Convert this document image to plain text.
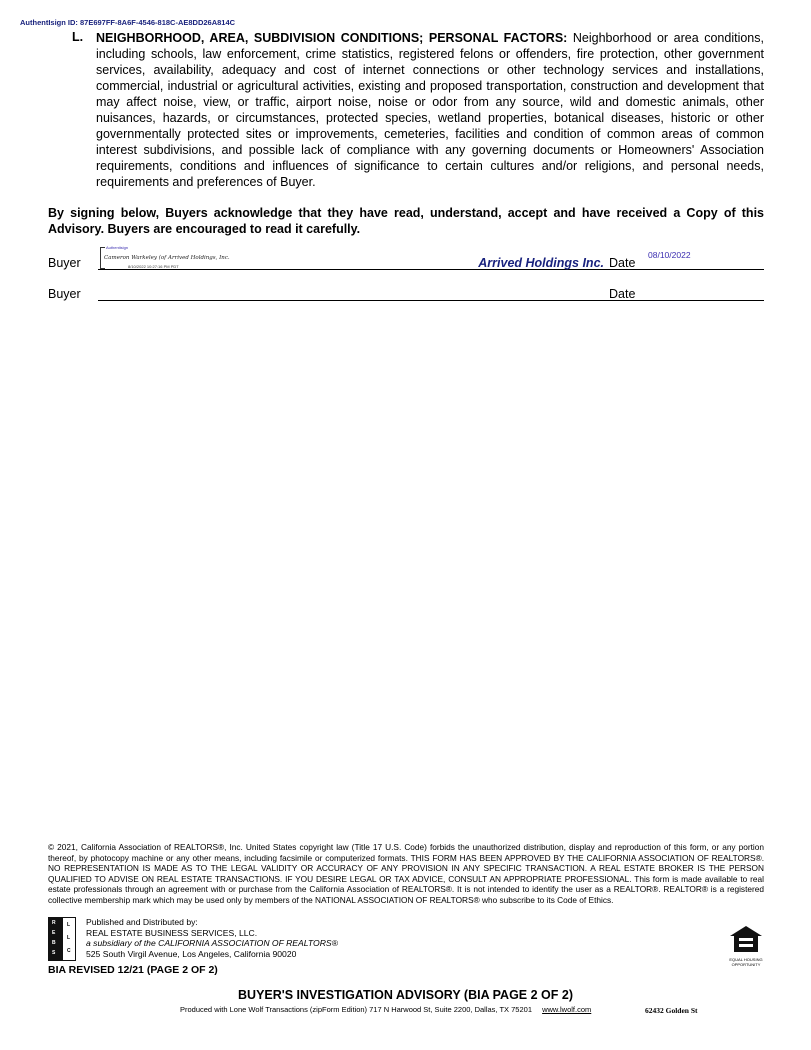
AuthentIsign ID: 87E697FF-8A6F-4546-818C-AE8DD26A814C
L. NEIGHBORHOOD, AREA, SUBDIVISION CONDITIONS; PERSONAL FACTORS: Neighborhood or area conditions, including schools, law enforcement, crime statistics, registered felons or offenders, fire protection, other government services, availability, adequacy and cost of internet connections or other technology services and installations, commercial, industrial or agricultural activities, existing and proposed transportation, construction and development that may affect noise, view, or traffic, airport noise, noise or odor from any source, wild and domestic animals, other nuisances, hazards, or circumstances, protected species, wetland properties, botanical diseases, historic or other governmentally protected sites or improvements, cemeteries, facilities and condition of common areas of common interest subdivisions, and possible lack of compliance with any governing documents or Homeowners' Association requirements, conditions and influences of significance to certain cultures and/or religions, and personal needs, requirements and preferences of Buyer.
By signing below, Buyers acknowledge that they have read, understand, accept and have received a Copy of this Advisory. Buyers are encouraged to read it carefully.
Buyer
Authentisign
Cameron Warkeley (of Arrived Holdings, Inc.
8/10/2022 10:27:16 PM PDT	Arrived Holdings Inc. Date
08/10/2022
Buyer	Date
© 2021, California Association of REALTORS®, Inc. United States copyright law (Title 17 U.S. Code) forbids the unauthorized distribution, display and reproduction of this form, or any portion thereof, by photocopy machine or any other means, including facsimile or computerized formats. THIS FORM HAS BEEN APPROVED BY THE CALIFORNIA ASSOCIATION OF REALTORS®. NO REPRESENTATION IS MADE AS TO THE LEGAL VALIDITY OR ACCURACY OF ANY PROVISION IN ANY SPECIFIC TRANSACTION. A REAL ESTATE BROKER IS THE PERSON QUALIFIED TO ADVISE ON REAL ESTATE TRANSACTIONS. IF YOU DESIRE LEGAL OR TAX ADVICE, CONSULT AN APPROPRIATE PROFESSIONAL. This form is made available to real estate professionals through an agreement with or purchase from the California Association of REALTORS®. It is not intended to identify the user as a REALTOR®. REALTOR® is a registered collective membership mark which may be used only by members of the NATIONAL ASSOCIATION OF REALTORS® who subscribe to its Code of Ethics.
R
E
B
S
L
L
C
Published and Distributed by:
REAL ESTATE BUSINESS SERVICES, LLC.
a subsidiary of the CALIFORNIA ASSOCIATION OF REALTORS®
525 South Virgil Avenue, Los Angeles, California 90020
EQUAL HOUSING OPPORTUNITY
BIA REVISED 12/21 (PAGE 2 OF 2)
BUYER'S INVESTIGATION ADVISORY (BIA PAGE 2 OF 2)
Produced with Lone Wolf Transactions (zipForm Edition) 717 N Harwood St, Suite 2200, Dallas, TX 75201 www.lwolf.com	62432 Golden St
